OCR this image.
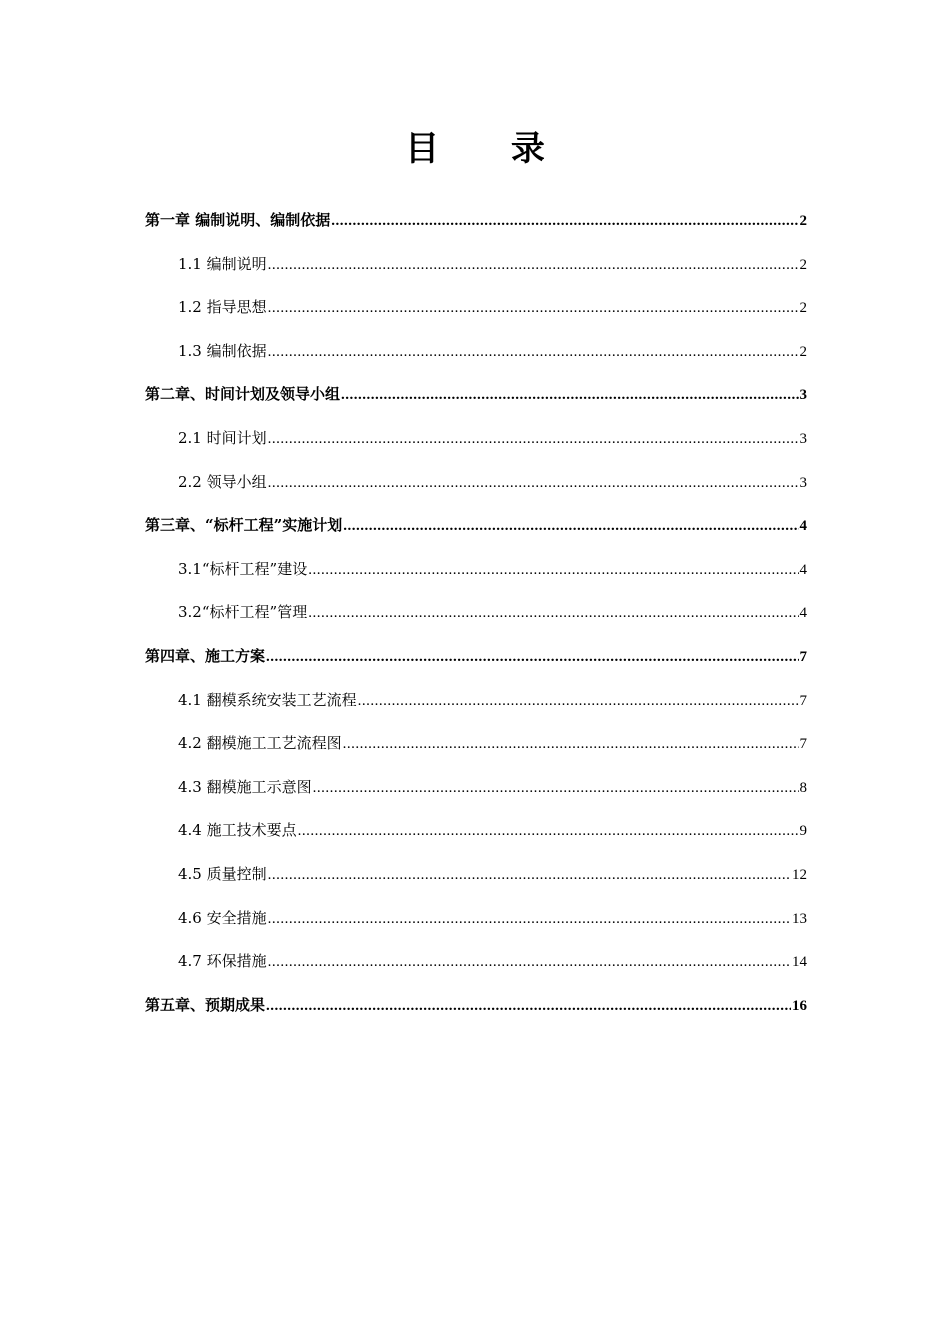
目 录
第一章 编制说明、编制依据 .....	2
1.1 编制说明 .....	2
1.2 指导思想 .....	2
1.3 编制依据 .....	2
第二章、时间计划及领导小组 .....	3
2.1 时间计划 .....	3
2.2 领导小组 .....	3
第三章、“标杆工程”实施计划 .....	4
3.1“标杆工程”建设 .....	4
3.2“标杆工程”管理 .....	4
第四章、施工方案 .....	7
4.1 翻模系统安装工艺流程 .....	7
4.2 翻模施工工艺流程图 .....	7
4.3 翻模施工示意图 .....	8
4.4 施工技术要点 .....	9
4.5 质量控制 .....	12
4.6 安全措施 .....	13
4.7 环保措施 .....	14
第五章、预期成果 .....	16
